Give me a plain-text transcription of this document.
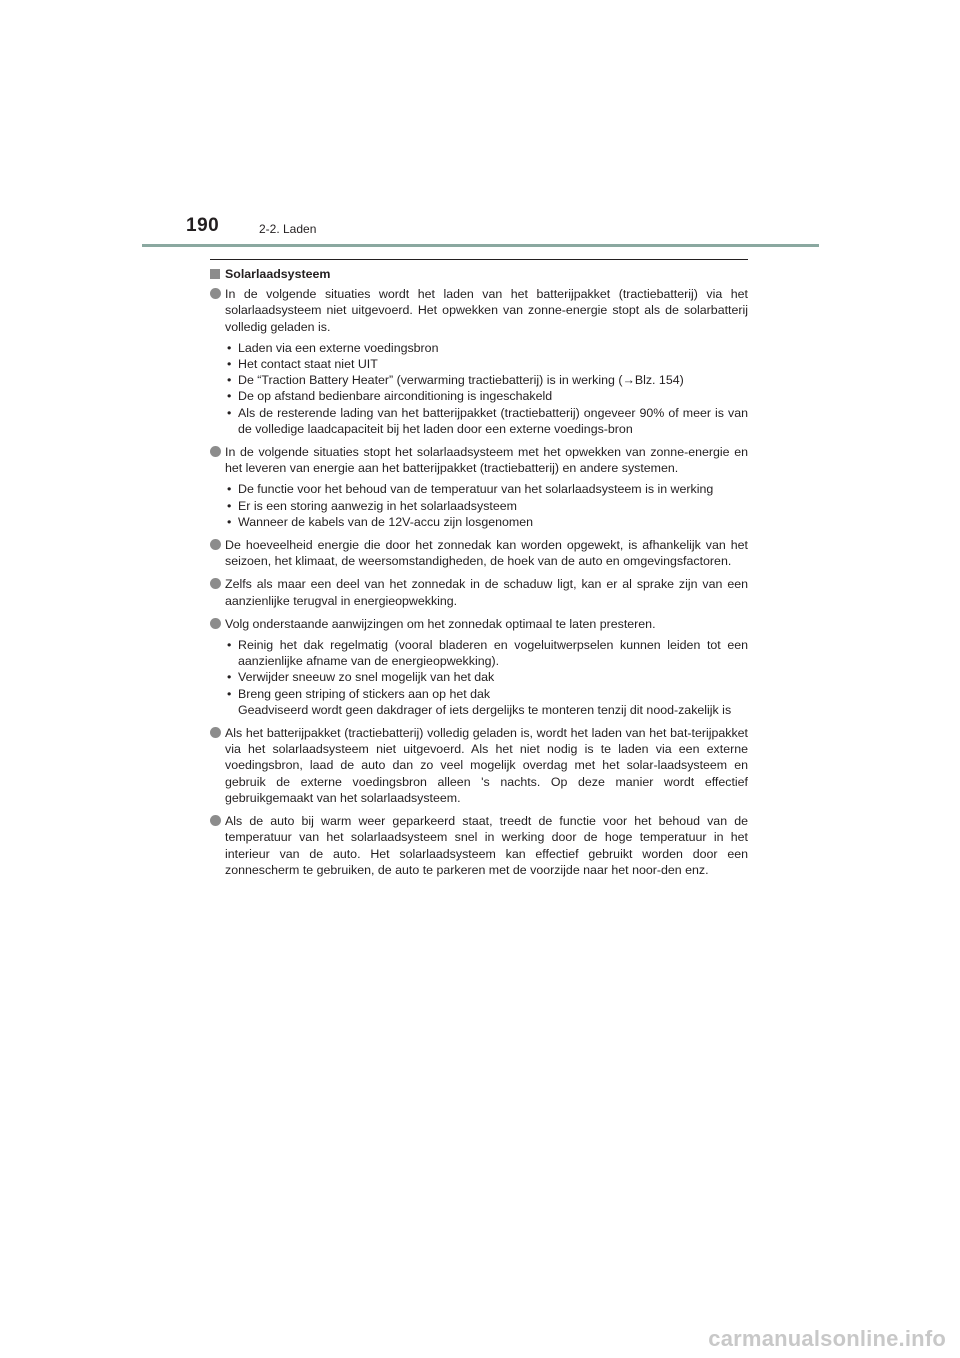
190	2-2. Laden
Solarlaadsysteem
In de volgende situaties wordt het laden van het batterijpakket (tractiebatterij) via het solarlaadsysteem niet uitgevoerd. Het opwekken van zonne-energie stopt als de solarbatterij volledig geladen is.
• Laden via een externe voedingsbron
• Het contact staat niet UIT
• De “Traction Battery Heater” (verwarming tractiebatterij) is in werking (→Blz. 154)
• De op afstand bedienbare airconditioning is ingeschakeld
• Als de resterende lading van het batterijpakket (tractiebatterij) ongeveer 90% of meer is van de volledige laadcapaciteit bij het laden door een externe voedings-bron
In de volgende situaties stopt het solarlaadsysteem met het opwekken van zonne-energie en het leveren van energie aan het batterijpakket (tractiebatterij) en andere systemen.
• De functie voor het behoud van de temperatuur van het solarlaadsysteem is in werking
• Er is een storing aanwezig in het solarlaadsysteem
• Wanneer de kabels van de 12V-accu zijn losgenomen
De hoeveelheid energie die door het zonnedak kan worden opgewekt, is afhankelijk van het seizoen, het klimaat, de weersomstandigheden, de hoek van de auto en omgevingsfactoren.
Zelfs als maar een deel van het zonnedak in de schaduw ligt, kan er al sprake zijn van een aanzienlijke terugval in energieopwekking.
Volg onderstaande aanwijzingen om het zonnedak optimaal te laten presteren.
• Reinig het dak regelmatig (vooral bladeren en vogeluitwerpselen kunnen leiden tot een aanzienlijke afname van de energieopwekking).
• Verwijder sneeuw zo snel mogelijk van het dak
• Breng geen striping of stickers aan op het dak
Geadviseerd wordt geen dakdrager of iets dergelijks te monteren tenzij dit nood-zakelijk is
Als het batterijpakket (tractiebatterij) volledig geladen is, wordt het laden van het bat-terijpakket via het solarlaadsysteem niet uitgevoerd. Als het niet nodig is te laden via een externe voedingsbron, laad de auto dan zo veel mogelijk overdag met het solar-laadsysteem en gebruik de externe voedingsbron alleen 's nachts. Op deze manier wordt effectief gebruikgemaakt van het solarlaadsysteem.
Als de auto bij warm weer geparkeerd staat, treedt de functie voor het behoud van de temperatuur van het solarlaadsysteem snel in werking door de hoge temperatuur in het interieur van de auto. Het solarlaadsysteem kan effectief gebruikt worden door een zonnescherm te gebruiken, de auto te parkeren met de voorzijde naar het noor-den enz.
carmanualsonline.info
